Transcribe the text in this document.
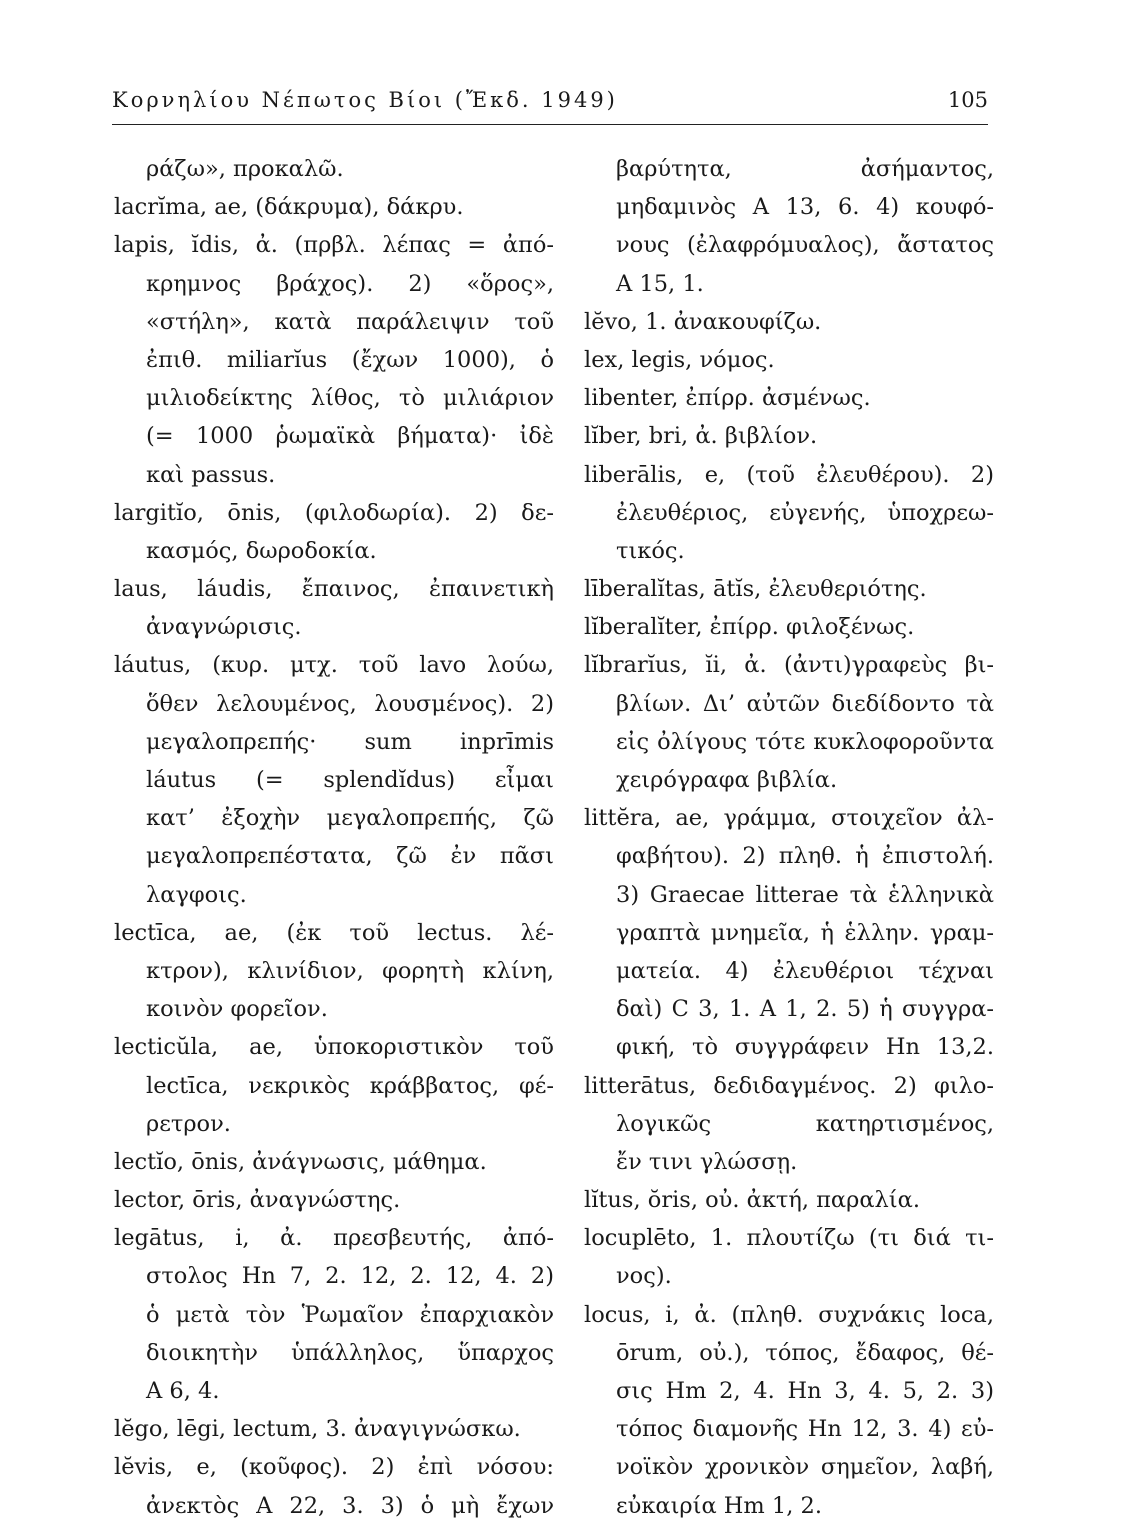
Κορνηλίου Νέπωτος Βίοι (Ἔκδ. 1949)	105
ράζω», προκαλῶ.
lacrĭma, ae, (δάκρυμα), δάκρυ.
lapis, ĭdis, ἀ. (πρβλ. λέπας = ἀπό-
κρημνος βράχος). 2) «ὅρος»,
«στήλη», κατὰ παράλειψιν τοῦ
ἐπιθ. miliarĭus (ἔχων 1000), ὁ
μιλιοδείκτης λίθος, τὸ μιλιάριον
(= 1000 ῥωμαϊκὰ βήματα)· ἰδὲ
καὶ passus.
largitĭo, ōnis, (φιλοδωρία). 2) δε-
κασμός, δωροδοκία.
laus, láudis, ἔπαινος, ἐπαινετικὴ
ἀναγνώρισις.
láutus, (κυρ. μτχ. τοῦ lavo λούω,
ὅθεν λελουμένος, λουσμένος). 2)
μεγαλοπρεπής· sum inprīmis
láutus (= splendĭdus) εἶμαι
κατ’ ἐξοχὴν μεγαλοπρεπής, ζῶ
μεγαλοπρεπέστατα, ζῶ ἐν πᾶσι
λαγφοις.
lectīca, ae, (ἐκ τοῦ lectus. λέ-
κτρον), κλινίδιον, φορητὴ κλίνη,
κοινὸν φορεῖον.
lecticŭla, ae, ὑποκοριστικὸν τοῦ
lectīca, νεκρικὸς κράββατος, φέ-
ρετρον.
lectĭo, ōnis, ἀνάγνωσις, μάθημα.
lector, ōris, ἀναγνώστης.
legātus, i, ἀ. πρεσβευτής, ἀπό-
στολος Hn 7, 2. 12, 2. 12, 4. 2)
ὁ μετὰ τὸν Ῥωμαῖον ἐπαρχιακὸν
διοικητὴν ὑπάλληλος, ὕπαρχος
A 6, 4.
lĕgo, lēgi, lectum, 3. ἀναγιγνώσκω.
lĕvis, e, (κοῦφος). 2) ἐπὶ νόσου:
ἀνεκτὸς A 22, 3. 3) ὁ μὴ ἔχων
βαρύτητα, ἀσήμαντος,
μηδαμινὸς A 13, 6. 4) κουφό-
νους (ἐλαφρόμυαλος), ἄστατος
A 15, 1.
lĕvo, 1. ἀνακουφίζω.
lex, legis, νόμος.
libenter, ἐπίρρ. ἀσμένως.
lĭber, bri, ἀ. βιβλίον.
liberālis, e, (τοῦ ἐλευθέρου). 2)
ἐλευθέριος, εὐγενής, ὑποχρεω-
τικός.
līberalĭtas, ātĭs, ἐλευθεριότης.
lĭberalĭter, ἐπίρρ. φιλοξένως.
lĭbrarĭus, ĭi, ἀ. (ἀντι)γραφεὺς βι-
βλίων. Δι’ αὐτῶν διεδίδοντο τὰ
εἰς ὀλίγους τότε κυκλοφοροῦντα
χειρόγραφα βιβλία.
littĕra, ae, γράμμα, στοιχεῖον ἀλ-
φαβήτου). 2) πληθ. ἡ ἐπιστολή.
3) Graecae litterae τὰ ἑλληνικὰ
γραπτὰ μνημεῖα, ἡ ἑλλην. γραμ-
ματεία. 4) ἐλευθέριοι τέχναι
δαὶ) C 3, 1. A 1, 2. 5) ἡ συγγρα-
φική, τὸ συγγράφειν Hn 13,2.
litterātus, δεδιδαγμένος. 2) φιλο-
λογικῶς κατηρτισμένος,
ἔν τινι γλώσσῃ.
lĭtus, ŏris, οὐ. ἀκτή, παραλία.
locuplēto, 1. πλουτίζω (τι διά τι-
νος).
locus, i, ἀ. (πληθ. συχνάκις loca,
ōrum, οὐ.), τόπος, ἔδαφος, θέ-
σις Hm 2, 4. Hn 3, 4. 5, 2. 3)
τόπος διαμονῆς Hn 12, 3. 4) εὐ-
νοϊκὸν χρονικὸν σημεῖον, λαβή,
εὐκαιρία Hm 1, 2.
